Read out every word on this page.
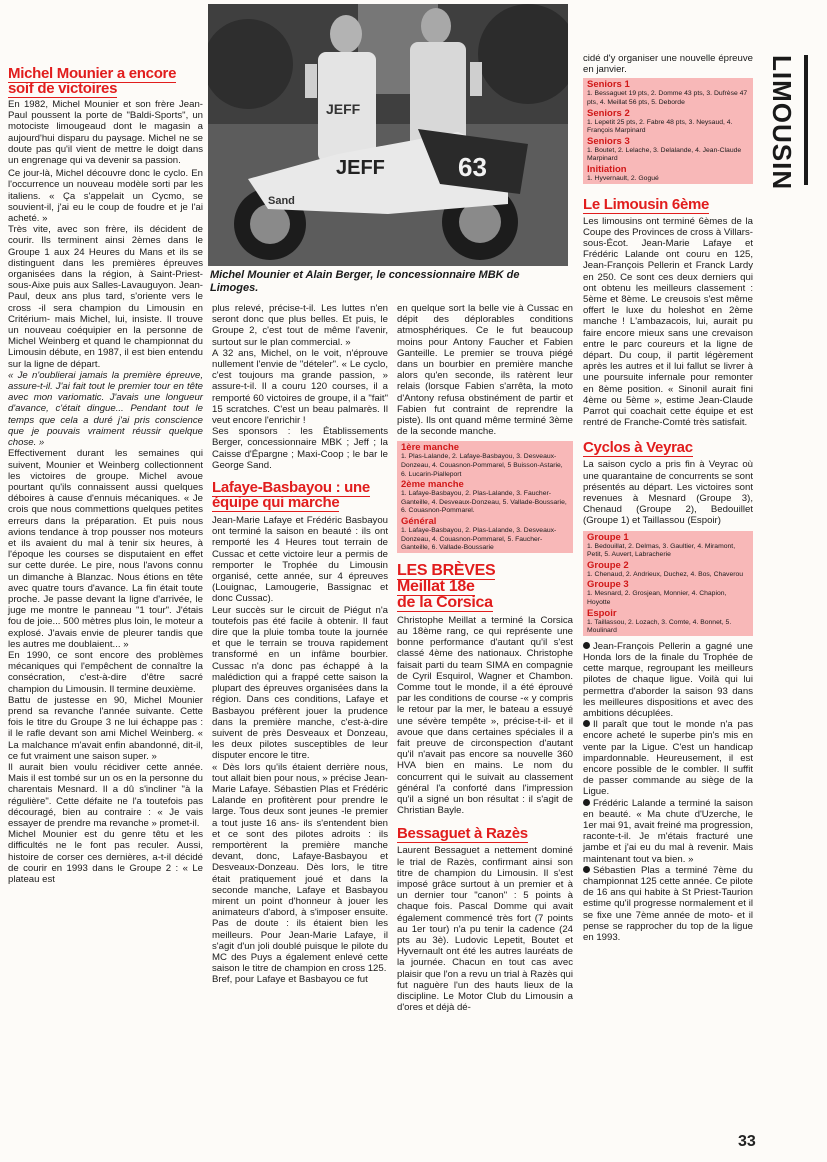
JEFF
JEFF	63
Sand
Michel Mounier et Alain Berger, le concessionnaire MBK de Limoges.
LIMOUSIN
Michel Mounier a encore
soif de victoires

En 1982, Michel Mounier et son frère Jean-Paul poussent la porte de "Baldi-Sports", un motociste limougeaud dont le magasin a aujourd'hui disparu du paysage. Michel ne se doute pas qu'il vient de mettre le doigt dans un engrenage qui va devenir sa passion.

Ce jour-là, Michel découvre donc le cyclo. En l'occurrence un nouveau modèle sorti par les italiens. « Ça s'appelait un Cycmo, se souvient-il, j'ai eu le coup de foudre et je l'ai acheté. »

Très vite, avec son frère, ils décident de courir. Ils terminent ainsi 2èmes dans le Groupe 1 aux 24 Heures du Mans et ils se distinguent dans les premières épreuves organisées dans la région, à Saint-Priest-sous-Aixe puis aux Salles-Lavauguyon. Jean-Paul, deux ans plus tard, s'oriente vers le cross -il sera champion du Limousin en Critérium- mais Michel, lui, insiste. Il trouve un nouveau coéquipier en la personne de Michel Weinberg et quand le championnat du Limousin débute, en 1987, il est bien entendu sur la ligne de départ.

« Je n'oublierai jamais la première épreuve, assure-t-il. J'ai fait tout le premier tour en tête avec mon variomatic. J'avais une longueur d'avance, c'était dingue... Pendant tout le temps que cela a duré j'ai pris conscience que je pouvais vraiment réussir quelque chose. »

Effectivement durant les semaines qui suivent, Mounier et Weinberg collectionnent les victoires de groupe. Michel avoue pourtant qu'ils connaissent aussi quelques déboires à cause d'ennuis mécaniques. « Je crois que nous commettions quelques petites erreurs dans la préparation. Et puis nous avions tendance à trop pousser nos moteurs et ils avaient du mal à tenir six heures, à l'époque les courses se disputaient en effet sur cette durée. Le pire, nous l'avons connu un dimanche à Blanzac. Nous étions en tête avec quatre tours d'avance. La fin était toute proche. Je passe devant la ligne d'arrivée, le juge me montre le panneau "1 tour". J'étais fou de joie... 500 mètres plus loin, le moteur a explosé. J'avais envie de pleurer tandis que les autres me doublaient... »

En 1990, ce sont encore des problèmes mécaniques qui l'empêchent de connaître la consécration, c'est-à-dire d'être sacré champion du Limousin. Il termine deuxième.

Battu de justesse en 90, Michel Mounier prend sa revanche l'année suivante. Cette fois le titre du Groupe 3 ne lui échappe pas : il le rafle devant son ami Michel Weinberg. « La malchance m'avait enfin abandonné, dit-il, ce fut vraiment une saison super. »

Il aurait bien voulu récidiver cette année. Mais il est tombé sur un os en la personne du charentais Mesnard. Il a dû s'incliner "à la régulière". Cette défaite ne l'a toutefois pas découragé, bien au contraire : « Je vais essayer de prendre ma revanche » promet-il.

Michel Mounier est du genre têtu et les difficultés ne le font pas reculer. Aussi, histoire de corser ces dernières, a-t-il décidé de courir en 1993 dans le Groupe 2 : « Le plateau est

plus relevé, précise-t-il. Les luttes n'en seront donc que plus belles. Et puis, le Groupe 2, c'est tout de même l'avenir, surtout sur le plan commercial. »

A 32 ans, Michel, on le voit, n'éprouve nullement l'envie de "dételer". « Le cyclo, c'est toujours ma grande passion, » assure-t-il. Il a couru 120 courses, il a remporté 60 victoires de groupe, il a "fait" 15 scratches. C'est un beau palmarès. Il veut encore l'enrichir !

Ses sponsors : les Établissements Berger, concessionnaire MBK ; Jeff ; la Caisse d'Épargne ; Maxi-Coop ; le bar le George Sand.

Lafaye-Basbayou : une
équipe qui marche

Jean-Marie Lafaye et Frédéric Basbayou ont terminé la saison en beauté : ils ont remporté les 4 Heures tout terrain de Cussac et cette victoire leur a permis de remporter le Trophée du Limousin organisé, cette année, sur 4 épreuves (Louignac, Lamougerie, Bassignac et donc Cussac).

Leur succès sur le circuit de Piégut n'a toutefois pas été facile à obtenir. Il faut dire que la pluie tomba toute la journée et que le terrain se trouva rapidement transformé en un infâme bourbier. Cussac n'a donc pas échappé à la malédiction qui a frappé cette saison la plupart des épreuves organisées dans la région. Dans ces conditions, Lafaye et Basbayou préfèrent jouer la prudence dans la première manche, c'est-à-dire suivent de près Desveaux et Donzeau, les deux pilotes susceptibles de leur disputer encore le titre.

« Dès lors qu'ils étaient derrière nous, tout allait bien pour nous, » précise Jean-Marie Lafaye. Sébastien Plas et Frédéric Lalande en profitèrent pour prendre le large. Tous deux sont jeunes -le premier a tout juste 16 ans- ils s'entendent bien et ce sont des pilotes adroits : ils remportèrent la première manche devant, donc, Lafaye-Basbayou et Desveaux-Donzeau. Dès lors, le titre était pratiquement joué et dans la seconde manche, Lafaye et Basbayou mirent un point d'honneur à jouer les animateurs d'abord, à s'imposer ensuite. Pas de doute : ils étaient bien les meilleurs. Pour Jean-Marie Lafaye, il s'agit d'un joli doublé puisque le pilote du MC des Puys a également enlevé cette saison le titre de champion en cross 125.

Bref, pour Lafaye et Basbayou ce fut

en quelque sort la belle vie à Cussac en dépit des déplorables conditions atmosphériques. Ce le fut beaucoup moins pour Antony Faucher et Fabien Ganteille. Le premier se trouva piégé dans un bourbier en première manche alors qu'en seconde, ils ratèrent leur relais (lorsque Fabien s'arrêta, la moto d'Antony refusa obstinément de partir et Fabien fut contraint de reprendre la piste). Ils ont quand même terminé 3ème de la seconde manche.

1ère manche
1. Plas-Lalande, 2. Lafaye-Basbayou, 3. Desveaux-Donzeau, 4. Couasnon-Pommarel, 5 Buisson-Astarie, 6. Lucarin-Pialleport
2ème manche
1. Lafaye-Basbayou, 2. Plas-Lalande, 3. Faucher-Ganteille, 4. Desveaux-Donzeau, 5. Vallade-Boussarie, 6. Couasnon-Pommarel.
Général
1. Lafaye-Basbayou, 2. Plas-Lalande, 3. Desveaux-Donzeau, 4. Couasnon-Pommarel, 5. Faucher-Ganteille, 6. Vallade-Boussarie
LES BRÈVES
Meillat 18e
de la Corsica

Christophe Meillat a terminé la Corsica au 18ème rang, ce qui représente une bonne performance d'autant qu'il s'est classé 4ème des nationaux. Christophe faisait parti du team SIMA en compagnie de Cyril Esquirol, Wagner et Chambon. Comme tout le monde, il a été éprouvé par les conditions de course -« y compris le retour par la mer, le bateau a essuyé une sévère tempête », précise-t-il- et il avoue que dans certaines spéciales il a fait preuve de circonspection d'autant qu'il n'avait pas encore sa nouvelle 360 HVA bien en mains. Le nom du concurrent qui le suivait au classement général l'a conforté dans l'impression qu'il a signé un bon résultat : il s'agit de Christian Bayle.

Bessaguet à Razès

Laurent Bessaguet a nettement dominé le trial de Razès, confirmant ainsi son titre de champion du Limousin. Il s'est imposé grâce surtout à un premier et à un dernier tour "canon" : 5 points à chaque fois. Pascal Domme qui avait également commencé très fort (7 points au 1er tour) n'a pu tenir la cadence (24 pts au 3è). Ludovic Lepetit, Boutet et Hyvernault ont été les autres lauréats de la journée. Chacun en tout cas avec plaisir que l'on a revu un trial à Razès qui fut naguère l'un des hauts lieux de la discipline. Le Motor Club du Limousin a d'ores et déjà dé-

cidé d'y organiser une nouvelle épreuve en janvier.

Seniors 1
1. Bessaguet 19 pts, 2. Domme 43 pts, 3. Dufrèse 47 pts, 4. Meillat 56 pts, 5. Deborde
Seniors 2
1. Lepetit 25 pts, 2. Fabre 48 pts, 3. Neysaud, 4. François Marpinard
Seniors 3
1. Boutet, 2. Lelache, 3. Delalande, 4. Jean-Claude Marpinard
Initiation
1. Hyvernault, 2. Gogué
Le Limousin 6ème

Les limousins ont terminé 6èmes de la Coupe des Provinces de cross à Villars-sous-Écot. Jean-Marie Lafaye et Frédéric Lalande ont couru en 125, Jean-François Pellerin et Franck Lardy en 250. Ce sont ces deux derniers qui ont obtenu les meilleurs classement : 5ème et 8ème. Le creusois s'est même offert le luxe du holeshot en 2ème manche ! L'ambazacois, lui, aurait pu faire encore mieux sans une crevaison entre le parc coureurs et la ligne de départ. Du coup, il partit légèrement après les autres et il lui fallut se livrer à une poursuite infernale pour remonter en 8ème position. « Sinonil aurait fini 4ème ou 5ème », estime Jean-Claude Parrot qui coachait cette équipe et est rentré de Franche-Comté très satisfait.

Cyclos à Veyrac

La saison cyclo a pris fin à Veyrac où une quarantaine de concurrents se sont présentés au départ. Les victoires sont revenues à Mesnard (Groupe 3), Chenaud (Groupe 2), Bedouillet (Groupe 1) et Taillassou (Espoir)

Groupe 1
1. Bedouillat, 2. Delmas, 3. Gaultier, 4. Miramont, Petit, 5. Auvert, Labracherie
Groupe 2
1. Chenaud, 2. Andrieux, Duchez, 4. Bos, Chaverou
Groupe 3
1. Mesnard, 2. Grosjean, Monnier, 4. Chapion, Hoyotte
Espoir
1. Taillassou, 2. Lozach, 3. Comte, 4. Bonnet, 5. Moulinard

Jean-François Pellerin a gagné une Honda lors de la finale du Trophée de cette marque, regroupant les meilleurs pilotes de chaque ligue. Voilà qui lui permettra d'aborder la saison 93 dans les meilleures dispositions et avec des ambitions décuplées.

Il paraît que tout le monde n'a pas encore acheté le superbe pin's mis en vente par la Ligue. C'est un handicap impardonnable. Heureusement, il est encore possible de le combler. Il suffit de passer commande au siège de la Ligue.

Frédéric Lalande a terminé la saison en beauté. « Ma chute d'Uzerche, le 1er mai 91, avait freiné ma progression, raconte-t-il. Je m'étais fracturé une jambe et j'ai eu du mal à revenir. Mais maintenant tout va bien. »

Sébastien Plas a terminé 7ème du championnat 125 cette année. Ce pilote de 16 ans qui habite à St Priest-Taurion estime qu'il progresse normalement et il se fixe une 7ème année de moto- et il pense se rapprocher du top de la ligue en 1993.

33
